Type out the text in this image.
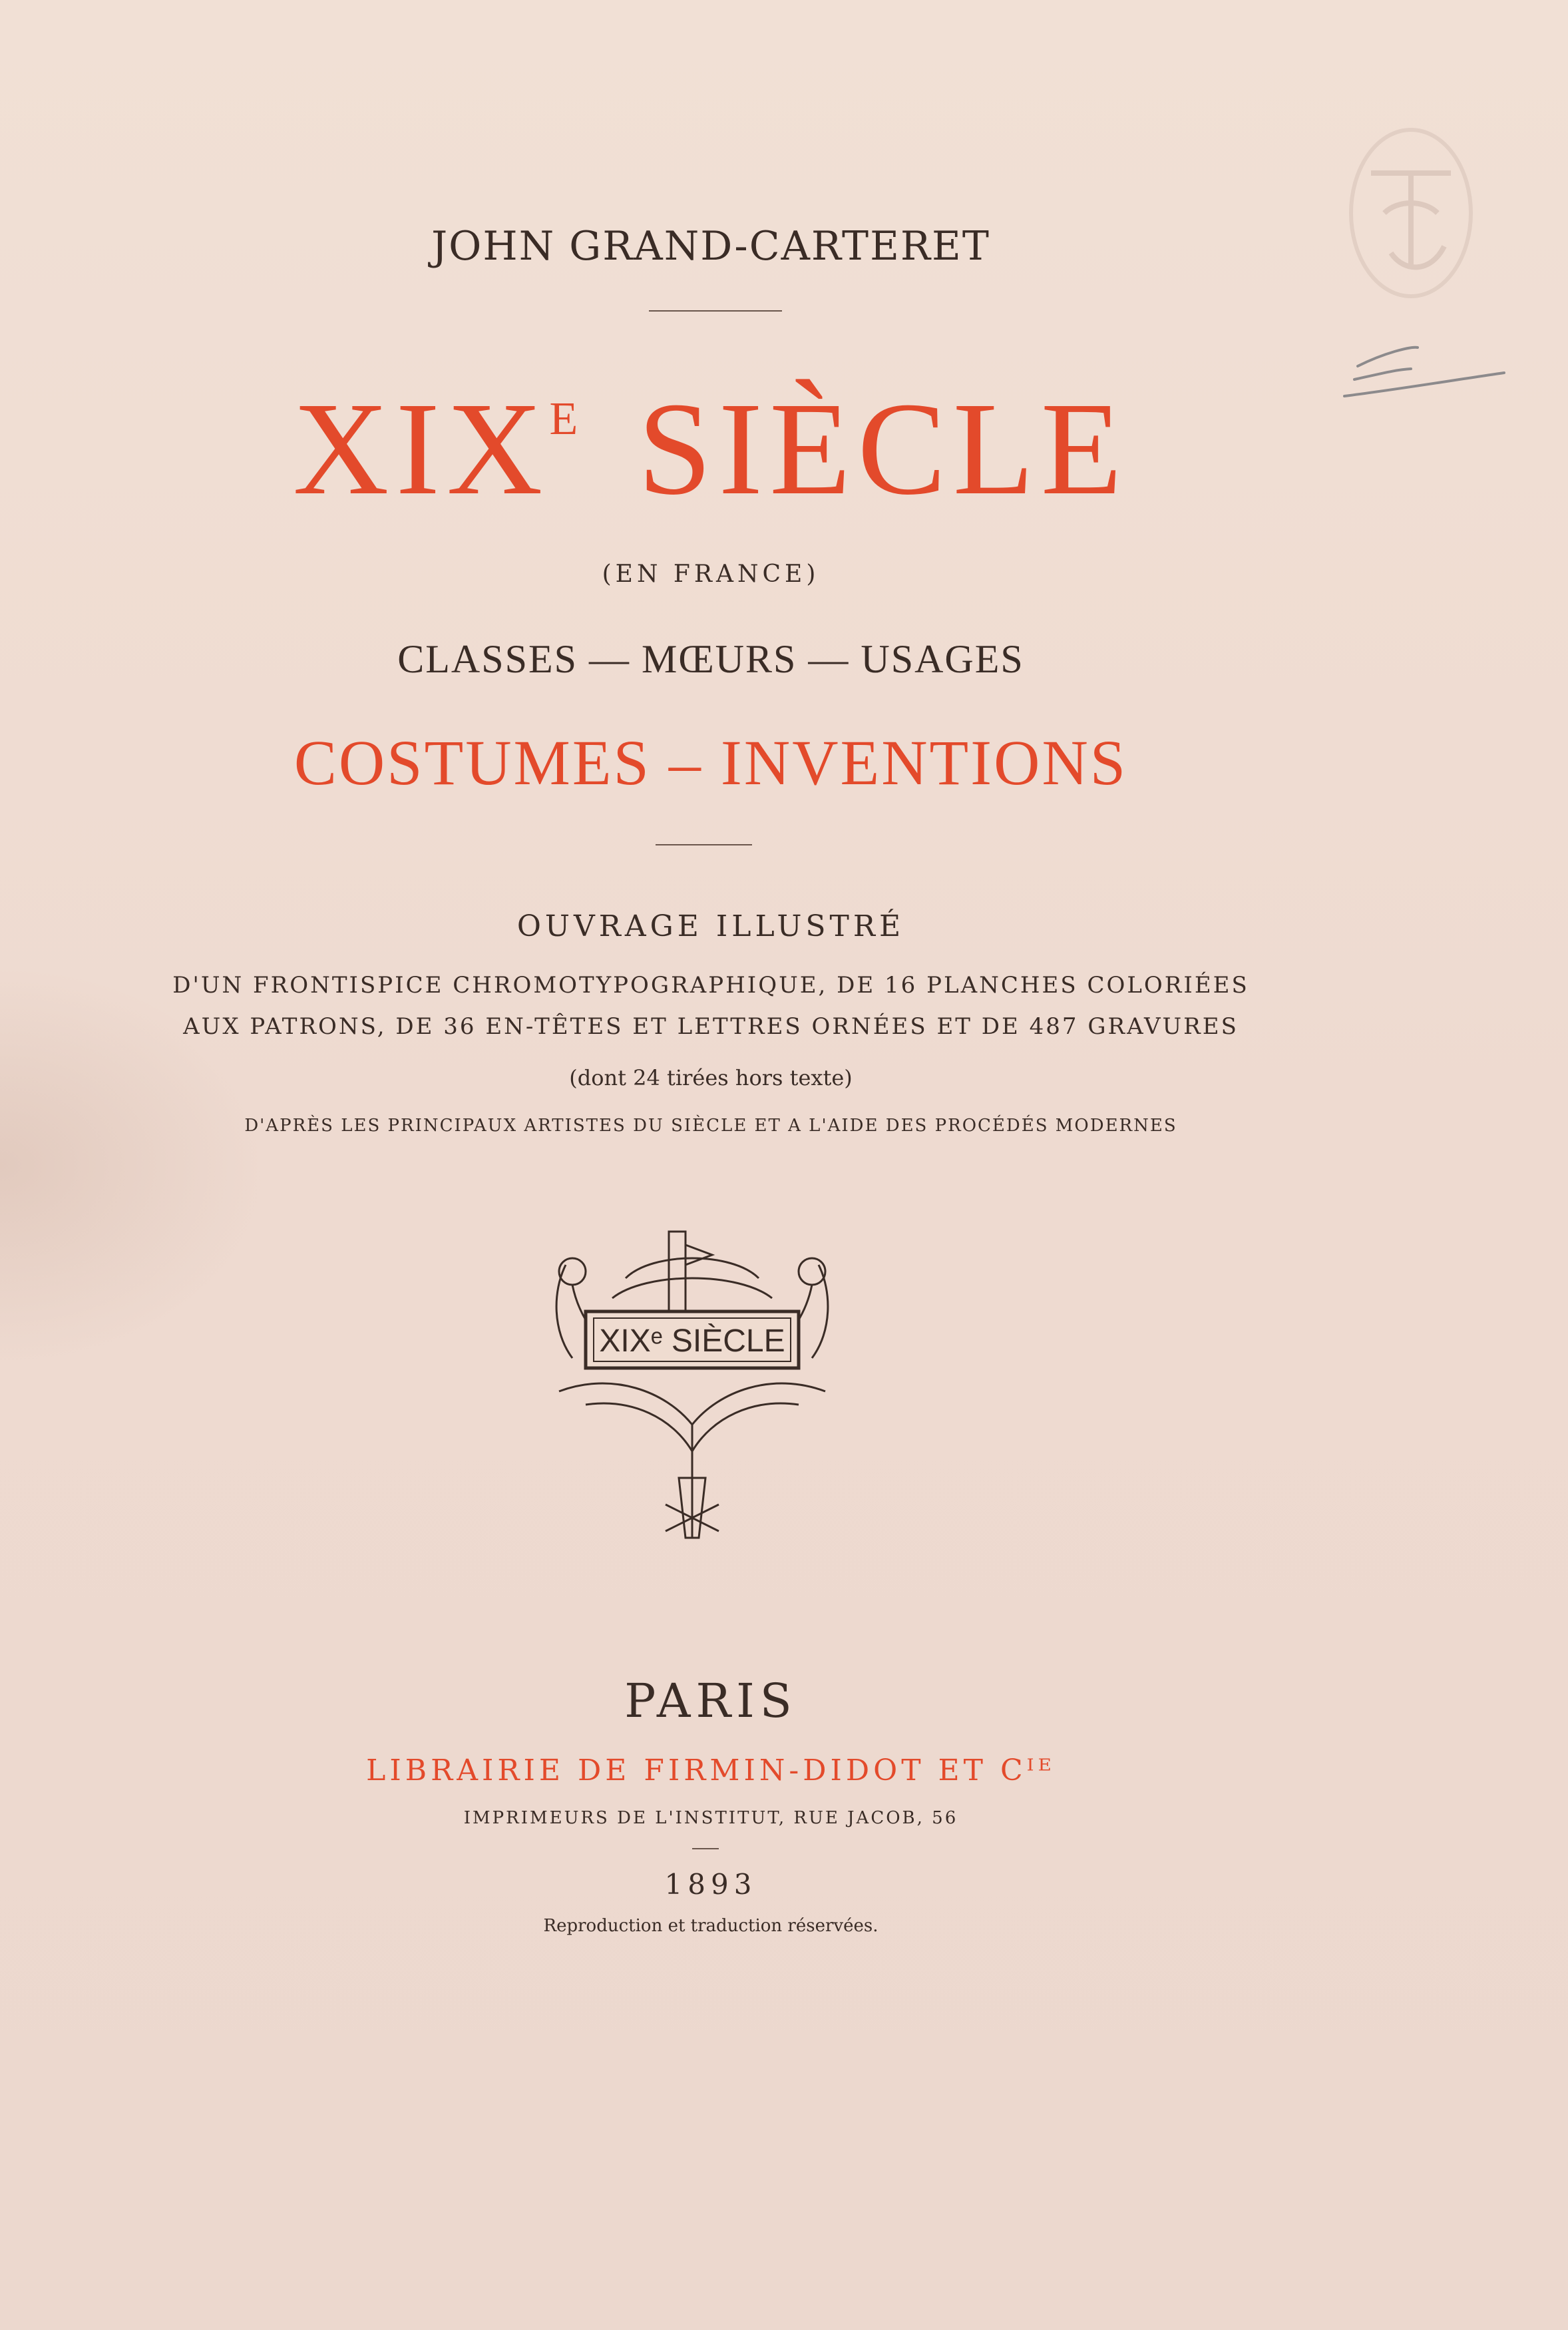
JOHN GRAND-CARTERET
$XIX^E$ SIÈCLE
(EN FRANCE)
CLASSES — MŒURS — USAGES
COSTUMES – INVENTIONS
OUVRAGE ILLUSTRÉ
D'UN FRONTISPICE CHROMOTYPOGRAPHIQUE, DE 16 PLANCHES COLORIÉES
AUX PATRONS, DE 36 EN-TÊTES ET LETTRES ORNÉES ET DE 487 GRAVURES
(dont 24 tirées hors texte)
D'APRÈS LES PRINCIPAUX ARTISTES DU SIÈCLE ET A L'AIDE DES PROCÉDÉS MODERNES
XIXᵉ SIÈCLE
PARIS
LIBRAIRIE DE FIRMIN-DIDOT ET Cᴵᴱ
IMPRIMEURS DE L'INSTITUT, RUE JACOB, 56
1893
Reproduction et traduction réservées.
